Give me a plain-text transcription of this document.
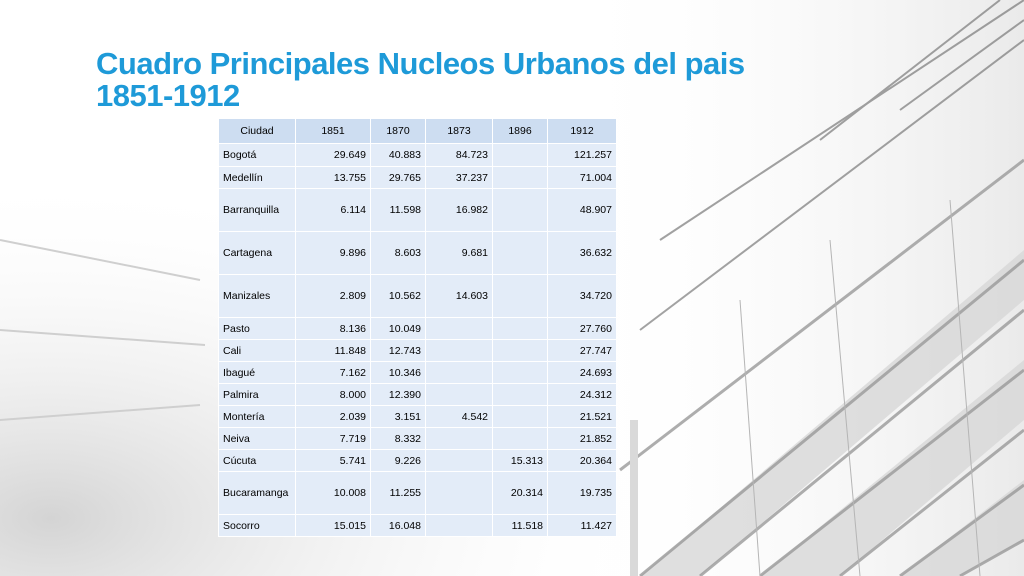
Cuadro Principales Nucleos Urbanos del pais
1851-1912
Ciudad	1851	1870	1873	1896	1912
Bogotá	29.649	40.883	84.723		121.257
Medellín	13.755	29.765	37.237		71.004
Barranquilla	6.114	11.598	16.982		48.907
Cartagena	9.896	8.603	9.681		36.632
Manizales	2.809	10.562	14.603		34.720
Pasto	8.136	10.049			27.760
Cali	11.848	12.743			27.747
Ibagué	7.162	10.346			24.693
Palmira	8.000	12.390			24.312
Montería	2.039	3.151	4.542		21.521
Neiva	7.719	8.332			21.852
Cúcuta	5.741	9.226		15.313	20.364
Bucaramanga	10.008	11.255		20.314	19.735
Socorro	15.015	16.048		11.518	11.427
